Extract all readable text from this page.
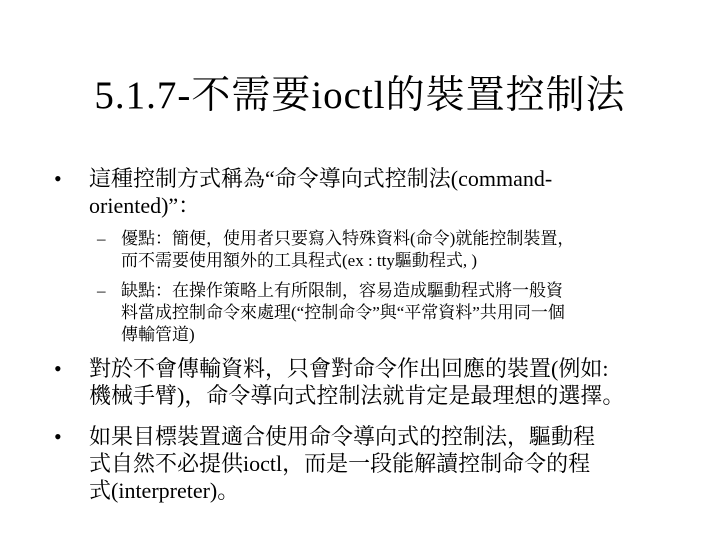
5.1.7-不需要ioctl的裝置控制法
•	這種控制方式稱為“命令導向式控制法(command-
oriented)”：
– 優點：簡便，使用者只要寫入特殊資料(命令)就能控制裝置，
而不需要使用額外的工具程式(ex : tty驅動程式, )
– 缺點：在操作策略上有所限制，容易造成驅動程式將一般資
料當成控制命令來處理(“控制命令”與“平常資料”共用同一個
傳輸管道)
•	對於不會傳輸資料，只會對命令作出回應的裝置(例如:
機械手臂)，命令導向式控制法就肯定是最理想的選擇。
•	如果目標裝置適合使用命令導向式的控制法，驅動程
式自然不必提供ioctl，而是一段能解讀控制命令的程
式(interpreter)。
